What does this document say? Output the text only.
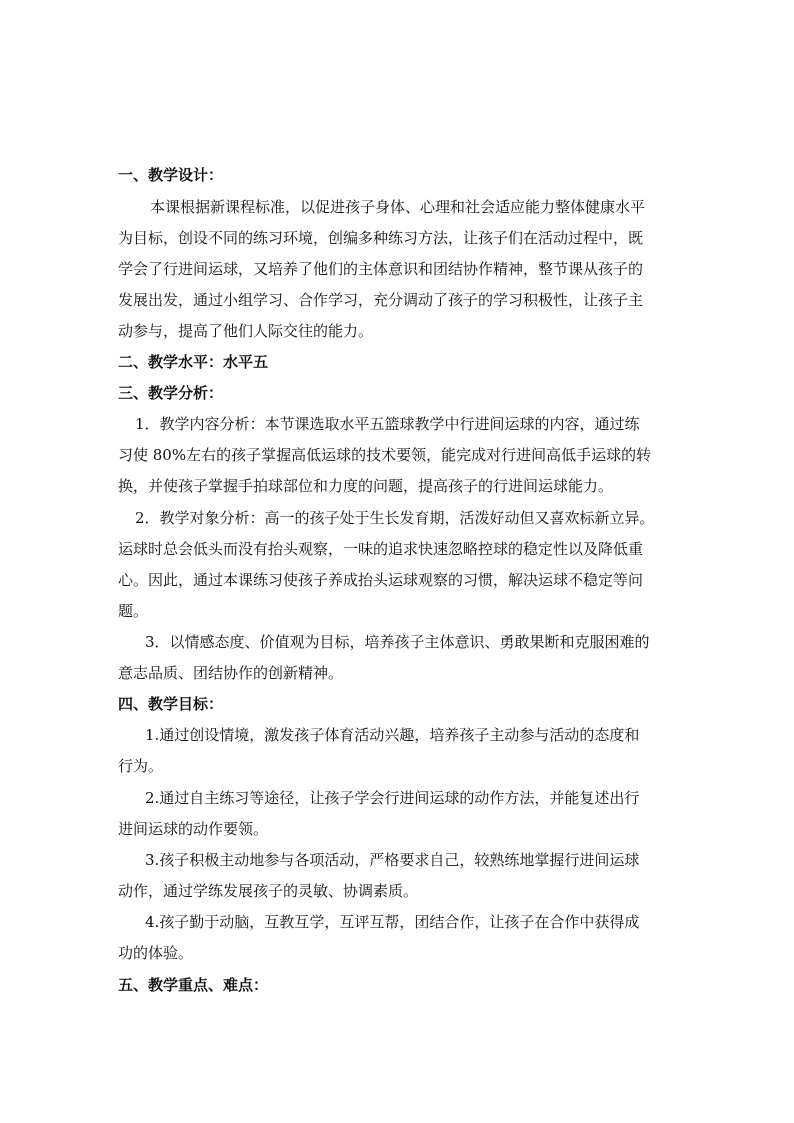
一、教学设计：
本课根据新课程标准，以促进孩子身体、心理和社会适应能力整体健康水平
为目标，创设不同的练习环境，创编多种练习方法，让孩子们在活动过程中，既
学会了行进间运球，又培养了他们的主体意识和团结协作精神，整节课从孩子的
发展出发，通过小组学习、合作学习，充分调动了孩子的学习积极性，让孩子主
动参与，提高了他们人际交往的能力。
二、教学水平：水平五
三、教学分析：
1．教学内容分析：本节课选取水平五篮球教学中行进间运球的内容，通过练
习使 80%左右的孩子掌握高低运球的技术要领，能完成对行进间高低手运球的转
换，并使孩子掌握手拍球部位和力度的问题，提高孩子的行进间运球能力。
2．教学对象分析：高一的孩子处于生长发育期，活泼好动但又喜欢标新立异。
运球时总会低头而没有抬头观察，一味的追求快速忽略控球的稳定性以及降低重
心。因此，通过本课练习使孩子养成抬头运球观察的习惯，解决运球不稳定等问
题。
3．以情感态度、价值观为目标，培养孩子主体意识、勇敢果断和克服困难的
意志品质、团结协作的创新精神。
四、教学目标：
1.通过创设情境，激发孩子体育活动兴趣，培养孩子主动参与活动的态度和
行为。
2.通过自主练习等途径，让孩子学会行进间运球的动作方法，并能复述出行
进间运球的动作要领。
3.孩子积极主动地参与各项活动，严格要求自己，较熟练地掌握行进间运球
动作，通过学练发展孩子的灵敏、协调素质。
4.孩子勤于动脑，互教互学，互评互帮，团结合作，让孩子在合作中获得成
功的体验。
五、教学重点、难点：
